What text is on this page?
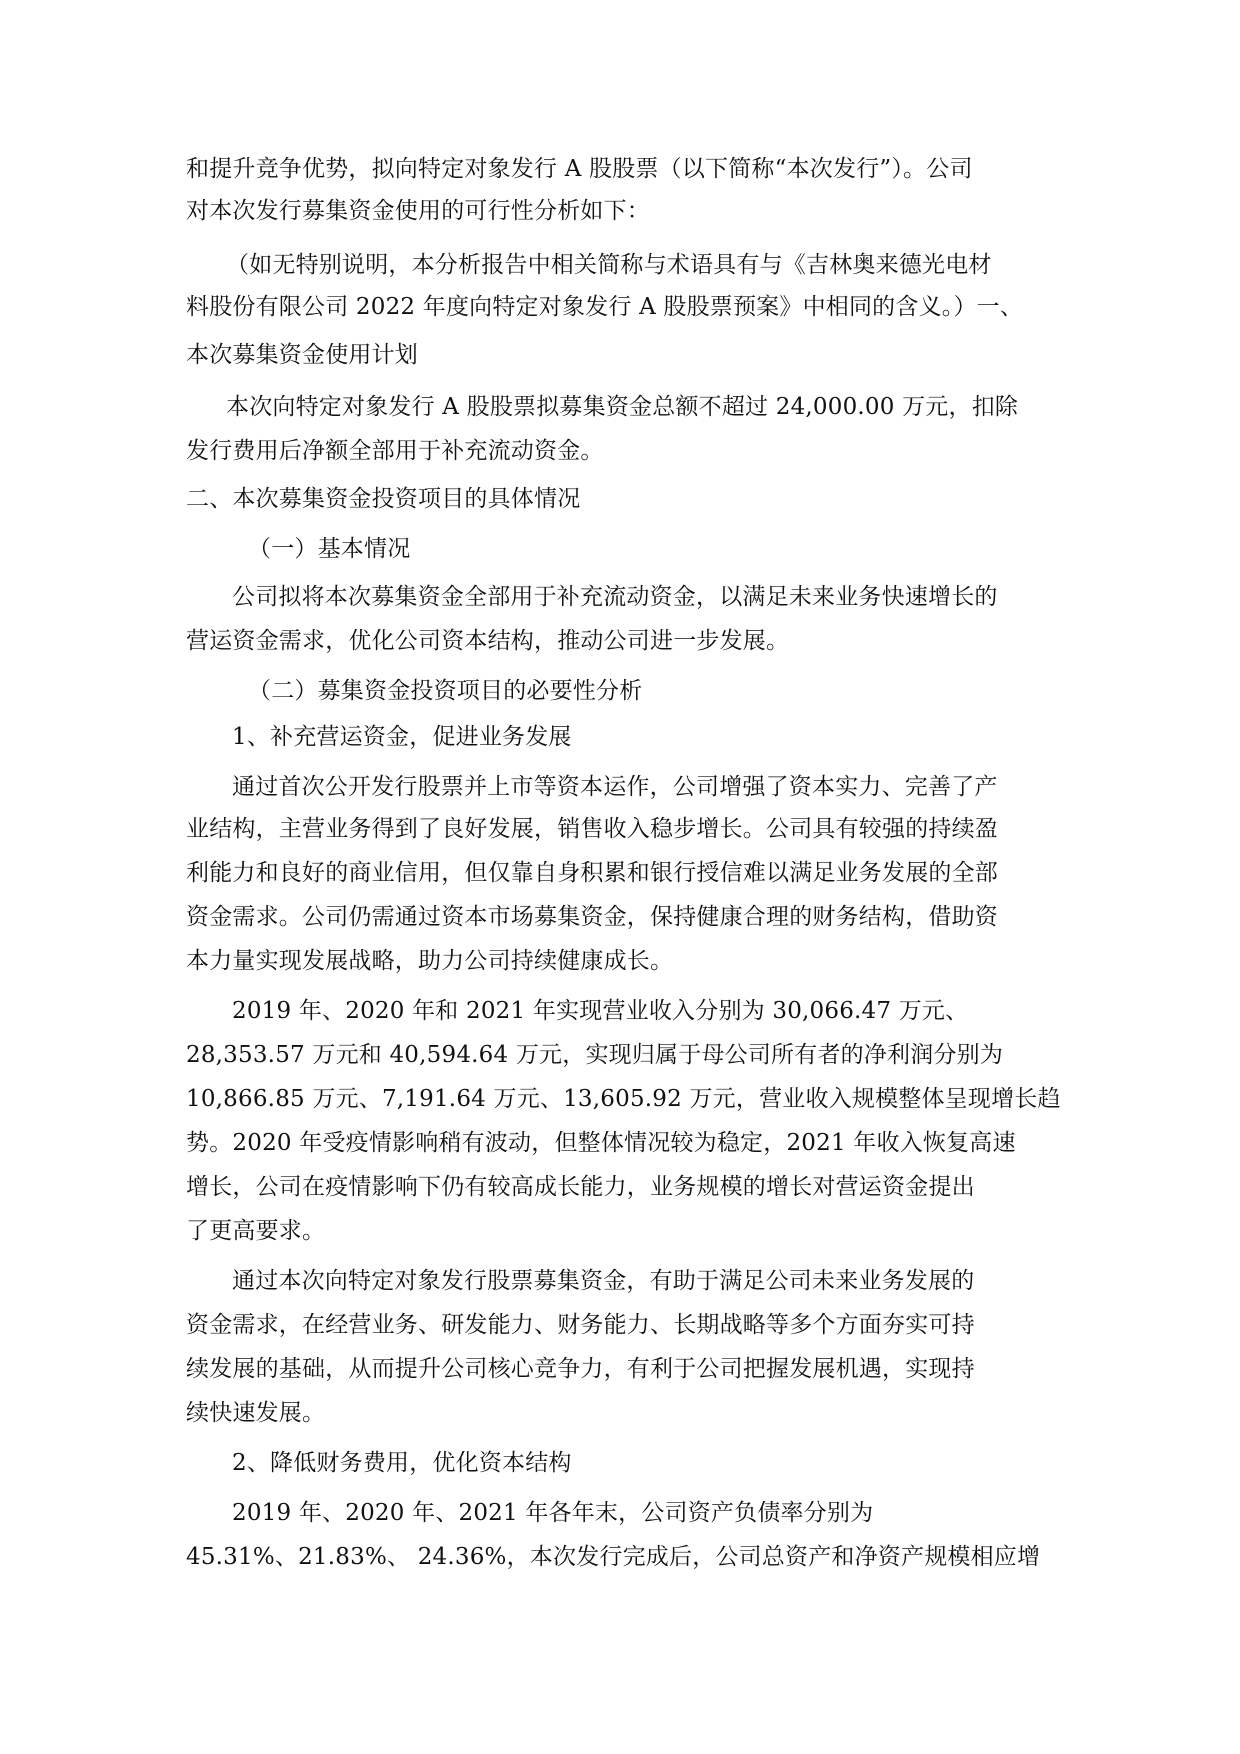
和提升竞争优势，拟向特定对象发行 A 股股票（以下简称“本次发行”）。公司
对本次发行募集资金使用的可行性分析如下：
（如无特别说明，本分析报告中相关简称与术语具有与《吉林奥来德光电材
料股份有限公司 2022 年度向特定对象发行 A 股股票预案》中相同的含义。）一、
本次募集资金使用计划
本次向特定对象发行 A 股股票拟募集资金总额不超过 24,000.00 万元，扣除
发行费用后净额全部用于补充流动资金。
二、本次募集资金投资项目的具体情况
（一）基本情况
公司拟将本次募集资金全部用于补充流动资金，以满足未来业务快速增长的
营运资金需求，优化公司资本结构，推动公司进一步发展。
（二）募集资金投资项目的必要性分析
1、补充营运资金，促进业务发展
通过首次公开发行股票并上市等资本运作，公司增强了资本实力、完善了产
业结构，主营业务得到了良好发展，销售收入稳步增长。公司具有较强的持续盈
利能力和良好的商业信用，但仅靠自身积累和银行授信难以满足业务发展的全部
资金需求。公司仍需通过资本市场募集资金，保持健康合理的财务结构，借助资
本力量实现发展战略，助力公司持续健康成长。
2019 年、2020 年和 2021 年实现营业收入分别为 30,066.47 万元、
28,353.57 万元和 40,594.64 万元，实现归属于母公司所有者的净利润分别为
10,866.85 万元、7,191.64 万元、13,605.92 万元，营业收入规模整体呈现增长趋
势。2020 年受疫情影响稍有波动，但整体情况较为稳定，2021 年收入恢复高速
增长，公司在疫情影响下仍有较高成长能力，业务规模的增长对营运资金提出
了更高要求。
通过本次向特定对象发行股票募集资金，有助于满足公司未来业务发展的
资金需求，在经营业务、研发能力、财务能力、长期战略等多个方面夯实可持
续发展的基础，从而提升公司核心竞争力，有利于公司把握发展机遇，实现持
续快速发展。
2、降低财务费用，优化资本结构
2019 年、2020 年、2021 年各年末，公司资产负债率分别为
45.31%、21.83%、 24.36%，本次发行完成后，公司总资产和净资产规模相应增
